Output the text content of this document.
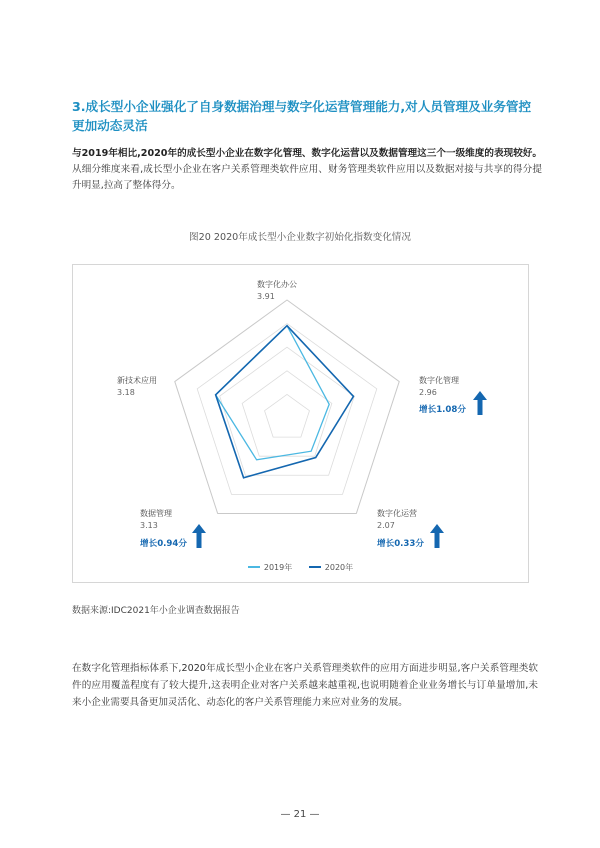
3.成长型小企业强化了自身数据治理与数字化运营管理能力,对人员管理及业务管控更加动态灵活

与2019年相比,2020年的成长型小企业在数字化管理、数字化运营以及数据管理这三个一级维度的表现较好。从细分维度来看,成长型小企业在客户关系管理类软件应用、财务管理类软件应用以及数据对接与共享的得分提升明显,拉高了整体得分。

图20 2020年成长型小企业数字初始化指数变化情况

数字化办公
3.91
数字化管理
2.96
增长1.08分
数字化运营
2.07
增长0.33分
数据管理
3.13
增长0.94分
新技术应用
3.18
2019年
	2020年

数据来源:IDC2021年小企业调查数据报告

在数字化管理指标体系下,2020年成长型小企业在客户关系管理类软件的应用方面进步明显,客户关系管理类软件的应用覆盖程度有了较大提升,这表明企业对客户关系越来越重视,也说明随着企业业务增长与订单量增加,未来小企业需要具备更加灵活化、动态化的客户关系管理能力来应对业务的发展。

— 21 —
